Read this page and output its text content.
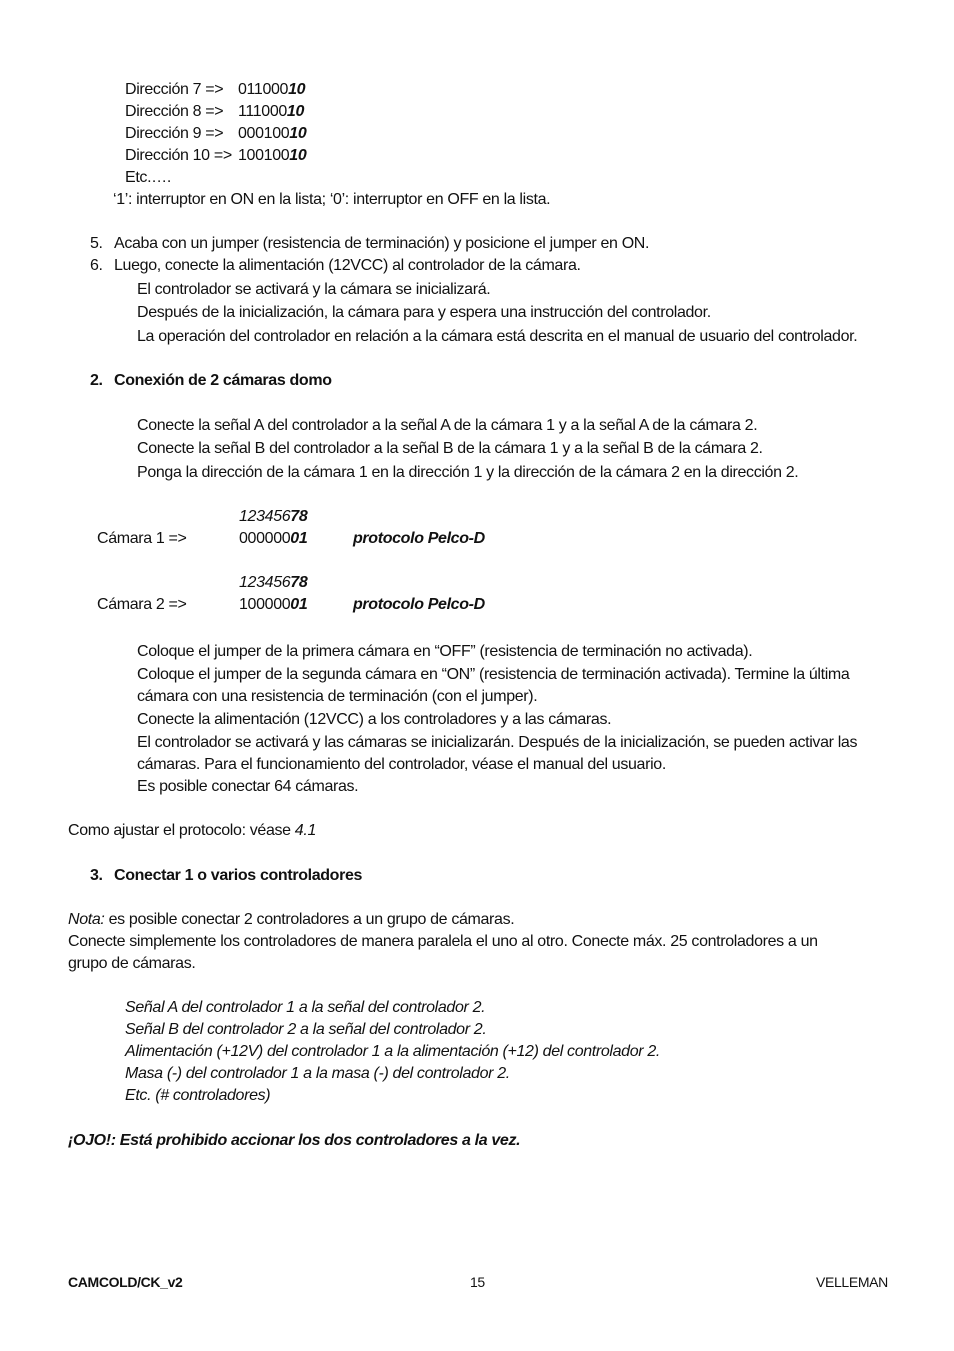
Dirección 7 => 01100010
Dirección 8 => 11100010
Dirección 9 => 00010010
Dirección 10 => 10010010
Etc.….
‘1’: interruptor en ON en la lista; ‘0’: interruptor en OFF en la lista.
5. Acaba con un jumper (resistencia de terminación) y posicione el jumper en ON.
6. Luego, conecte la alimentación (12VCC) al controlador de la cámara.
El controlador se activará y la cámara se inicializará.
Después de la inicialización, la cámara para y espera una instrucción del controlador.
La operación del controlador en relación a la cámara está descrita en el manual de usuario del controlador.
2. Conexión de 2 cámaras domo
Conecte la señal A del controlador a la señal A de la cámara 1 y a la señal A de la cámara 2.
Conecte la señal B del controlador a la señal B de la cámara 1 y a la señal B de la cámara 2.
Ponga la dirección de la cámara 1 en la dirección 1 y la dirección de la cámara 2 en la dirección 2.
12345678
Cámara 1 =>	00000001	protocolo Pelco-D
12345678
Cámara 2 =>	10000001	protocolo Pelco-D
Coloque el jumper de la primera cámara en “OFF” (resistencia de terminación no activada).
Coloque el jumper de la segunda cámara en “ON” (resistencia de terminación activada). Termine la última
cámara con una resistencia de terminación (con el jumper).
Conecte la alimentación (12VCC) a los controladores y a las cámaras.
El controlador se activará y las cámaras se inicializarán. Después de la inicialización, se pueden activar las
cámaras. Para el funcionamiento del controlador, véase el manual del usuario.
Es posible conectar 64 cámaras.
Como ajustar el protocolo: véase 4.1
3. Conectar 1 o varios controladores
Nota: es posible conectar 2 controladores a un grupo de cámaras.
Conecte simplemente los controladores de manera paralela el uno al otro. Conecte máx. 25 controladores a un
grupo de cámaras.
Señal A del controlador 1 a la señal del controlador 2.
Señal B del controlador 2 a la señal del controlador 2.
Alimentación (+12V) del controlador 1 a la alimentación (+12) del controlador 2.
Masa (-) del controlador 1 a la masa (-) del controlador 2.
Etc. (# controladores)
¡OJO!: Está prohibido accionar los dos controladores a la vez.
CAMCOLD/CK_v2	15	VELLEMAN
